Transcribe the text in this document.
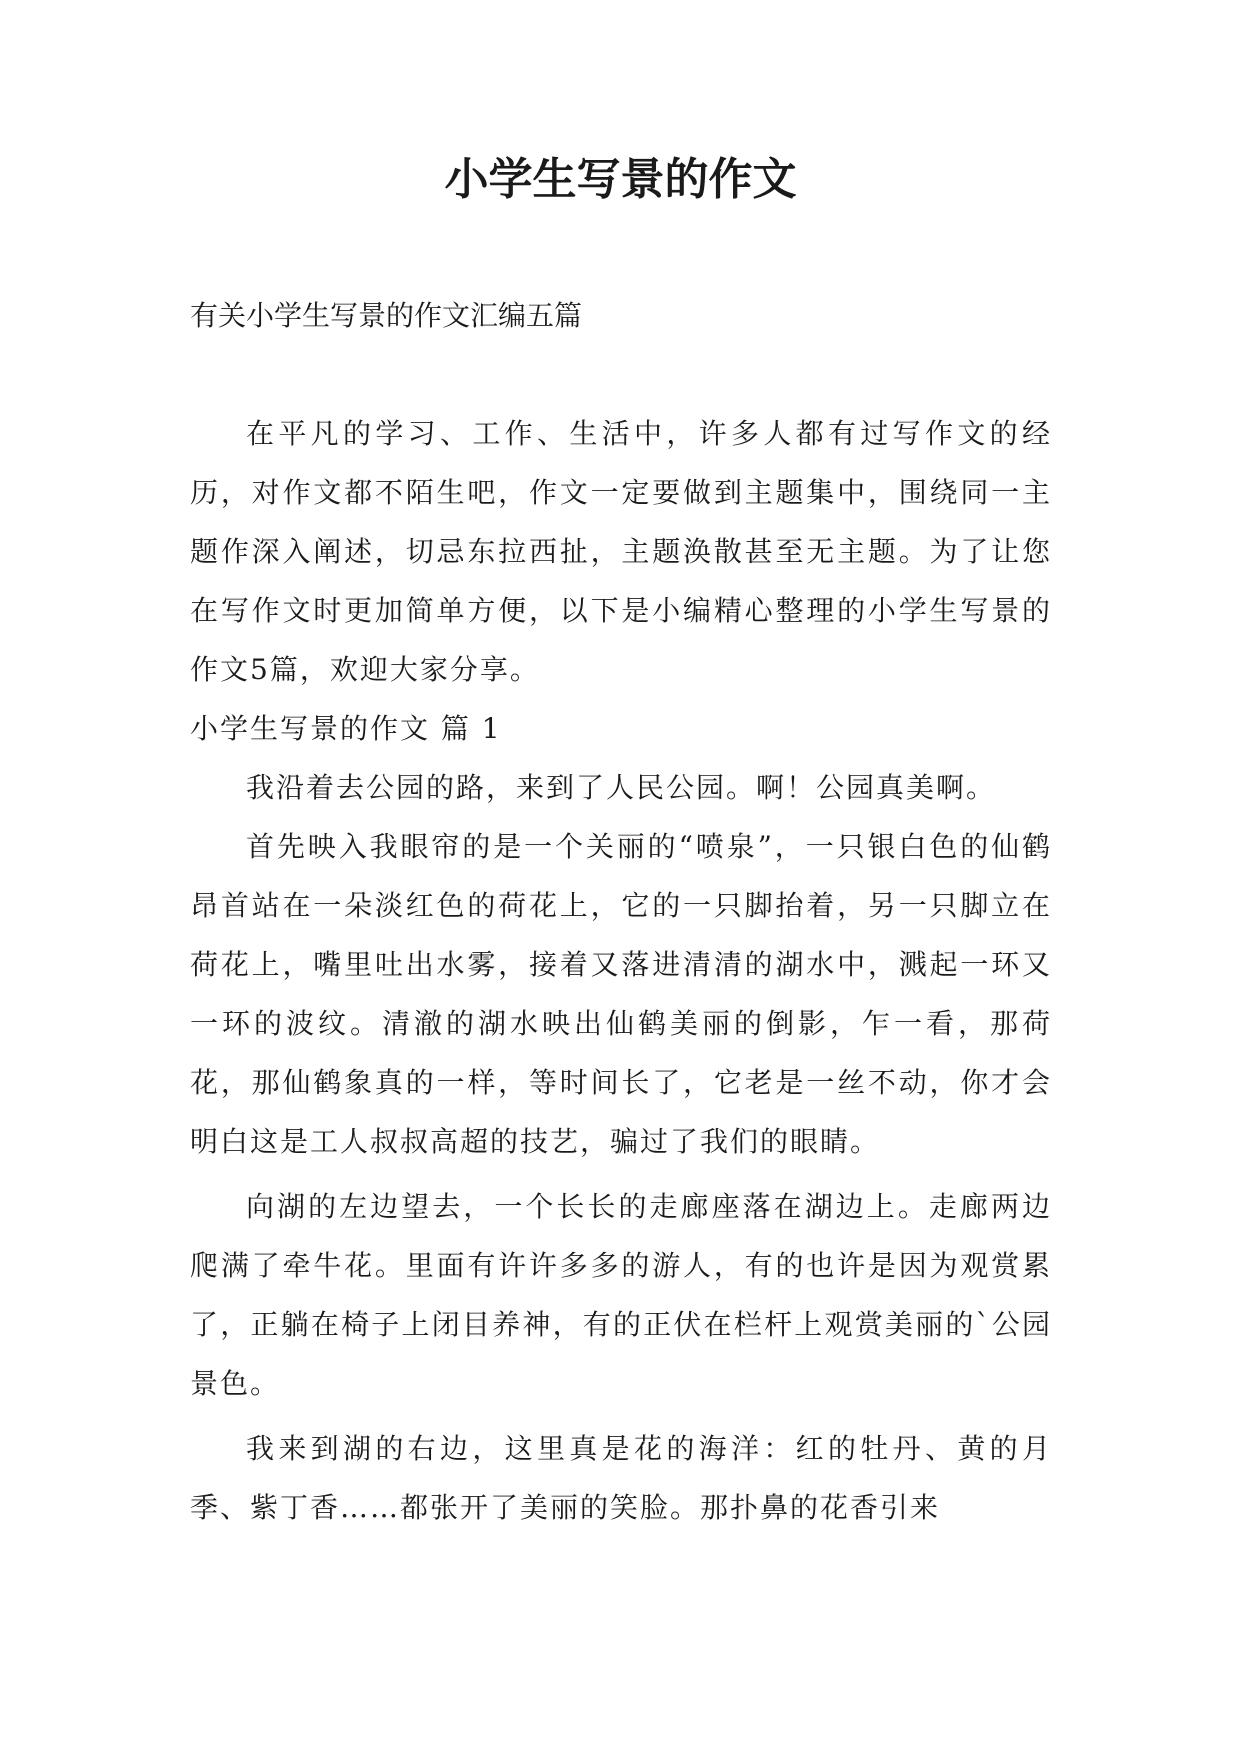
小学生写景的作文

有关小学生写景的作文汇编五篇

在平凡的学习、工作、生活中，许多人都有过写作文的经历，对作文都不陌生吧，作文一定要做到主题集中，围绕同一主题作深入阐述，切忌东拉西扯，主题涣散甚至无主题。为了让您在写作文时更加简单方便，以下是小编精心整理的小学生写景的作文5篇，欢迎大家分享。

小学生写景的作文 篇 1

我沿着去公园的路，来到了人民公园。啊！公园真美啊。

首先映入我眼帘的是一个关丽的“喷泉”，一只银白色的仙鹤昂首站在一朵淡红色的荷花上，它的一只脚抬着，另一只脚立在荷花上，嘴里吐出水雾，接着又落进清清的湖水中，溅起一环又一环的波纹。清澈的湖水映出仙鹤美丽的倒影，乍一看，那荷花，那仙鹤象真的一样，等时间长了，它老是一丝不动，你才会明白这是工人叔叔高超的技艺，骗过了我们的眼睛。

向湖的左边望去，一个长长的走廊座落在湖边上。走廊两边爬满了牵牛花。里面有许许多多的游人，有的也许是因为观赏累了，正躺在椅子上闭目养神，有的正伏在栏杆上观赏美丽的`公园景色。

我来到湖的右边，这里真是花的海洋：红的牡丹、黄的月季、紫丁香……都张开了美丽的笑脸。那扑鼻的花香引来
